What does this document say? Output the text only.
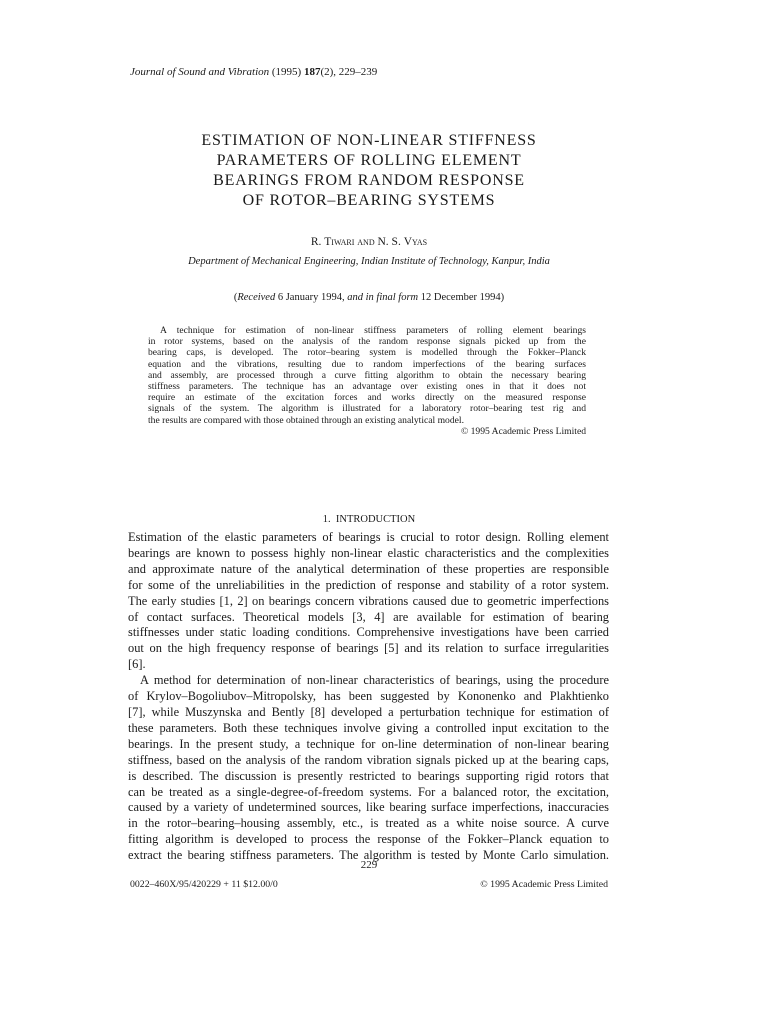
Journal of Sound and Vibration (1995) 187(2), 229–239
ESTIMATION OF NON-LINEAR STIFFNESS
PARAMETERS OF ROLLING ELEMENT
BEARINGS FROM RANDOM RESPONSE
OF ROTOR–BEARING SYSTEMS
R. Tiwari and N. S. Vyas
Department of Mechanical Engineering, Indian Institute of Technology, Kanpur, India
(Received 6 January 1994, and in final form 12 December 1994)
A technique for estimation of non-linear stiffness parameters of rolling element bearings
in rotor systems, based on the analysis of the random response signals picked up from the
bearing caps, is developed. The rotor–bearing system is modelled through the Fokker–Planck
equation and the vibrations, resulting due to random imperfections of the bearing surfaces
and assembly, are processed through a curve fitting algorithm to obtain the necessary bearing
stiffness parameters. The technique has an advantage over existing ones in that it does not
require an estimate of the excitation forces and works directly on the measured response
signals of the system. The algorithm is illustrated for a laboratory rotor–bearing test rig and
the results are compared with those obtained through an existing analytical model.
© 1995 Academic Press Limited
1. INTRODUCTION
Estimation of the elastic parameters of bearings is crucial to rotor design. Rolling element
bearings are known to possess highly non-linear elastic characteristics and the complexities
and approximate nature of the analytical determination of these properties are responsible
for some of the unreliabilities in the prediction of response and stability of a rotor system.
The early studies [1, 2] on bearings concern vibrations caused due to geometric imperfections
of contact surfaces. Theoretical models [3, 4] are available for estimation of bearing
stiffnesses under static loading conditions. Comprehensive investigations have been carried
out on the high frequency response of bearings [5] and its relation to surface irregularities
[6].
A method for determination of non-linear characteristics of bearings, using the procedure
of Krylov–Bogoliubov–Mitropolsky, has been suggested by Kononenko and Plakhtienko
[7], while Muszynska and Bently [8] developed a perturbation technique for estimation of
these parameters. Both these techniques involve giving a controlled input excitation to the
bearings. In the present study, a technique for on-line determination of non-linear bearing
stiffness, based on the analysis of the random vibration signals picked up at the bearing caps,
is described. The discussion is presently restricted to bearings supporting rigid rotors that
can be treated as a single-degree-of-freedom systems. For a balanced rotor, the excitation,
caused by a variety of undetermined sources, like bearing surface imperfections, inaccuracies
in the rotor–bearing–housing assembly, etc., is treated as a white noise source. A curve
fitting algorithm is developed to process the response of the Fokker–Planck equation to
extract the bearing stiffness parameters. The algorithm is tested by Monte Carlo simulation.
229
0022–460X/95/420229 + 11 $12.00/0	© 1995 Academic Press Limited
